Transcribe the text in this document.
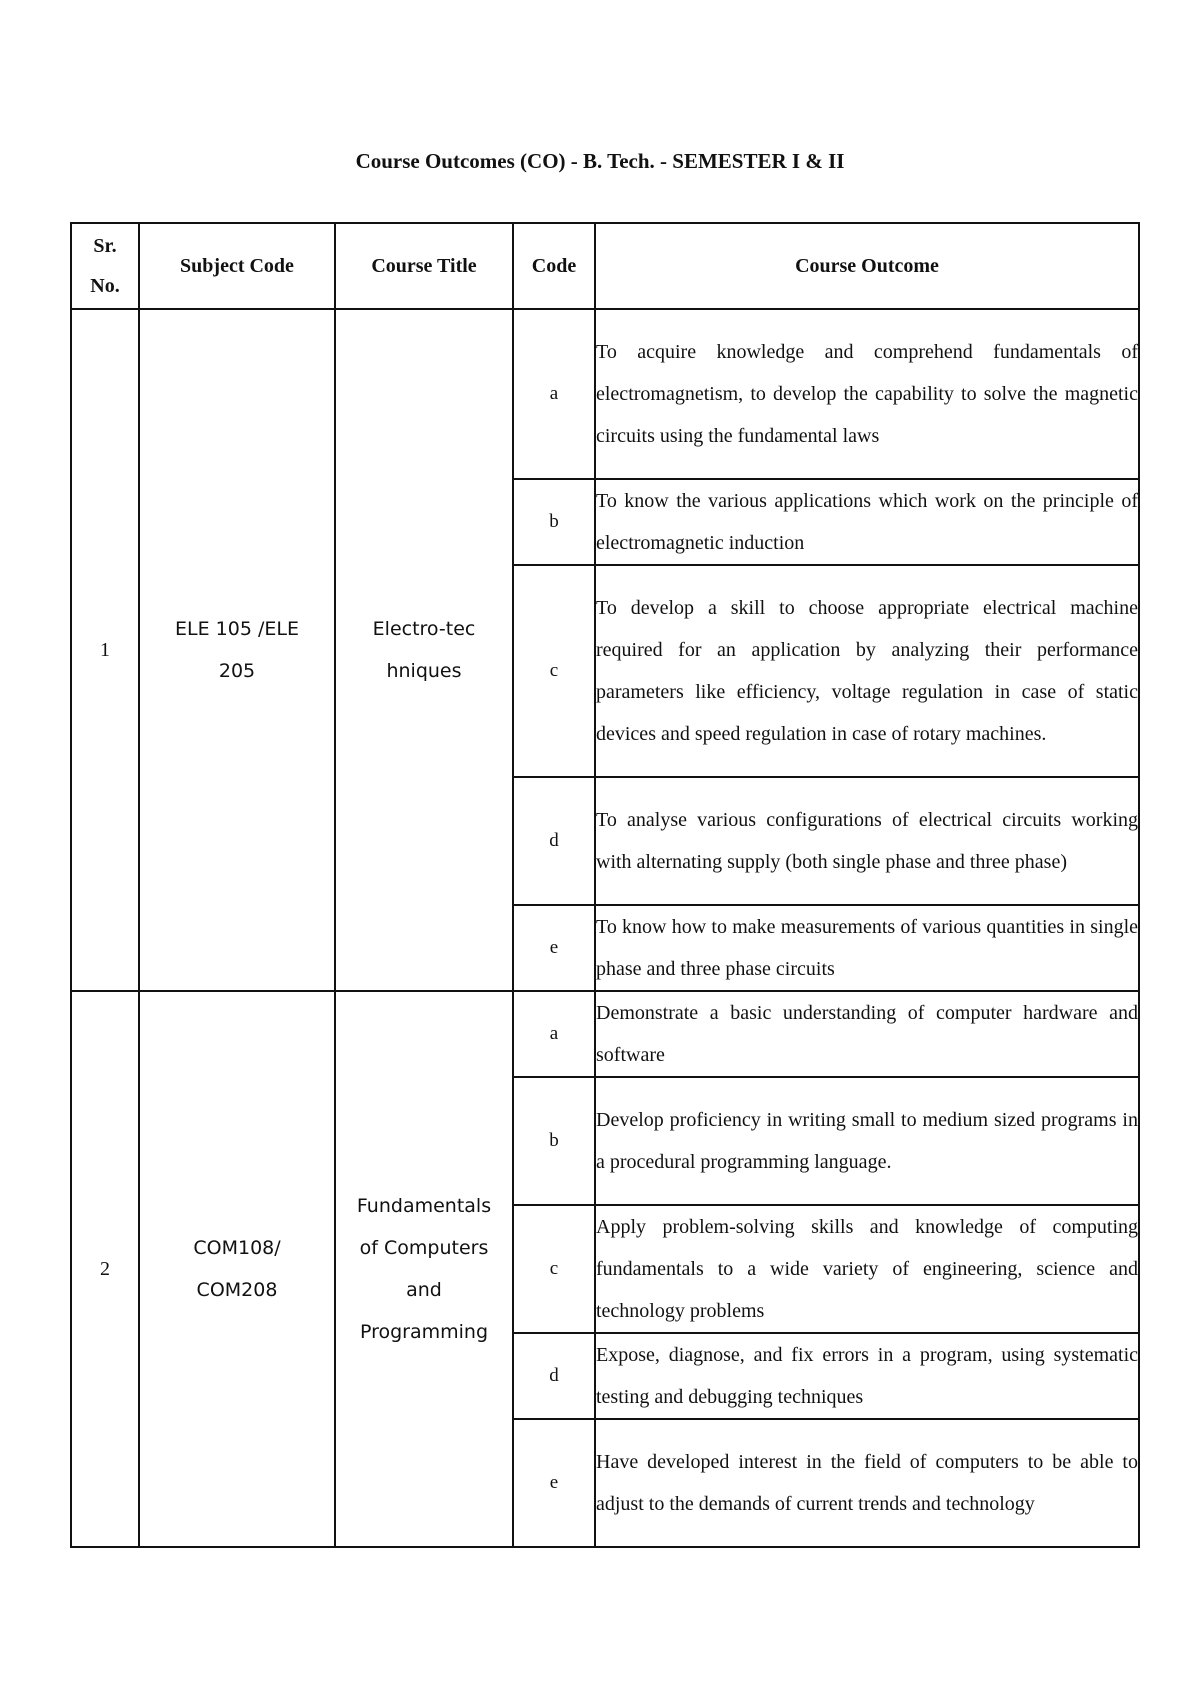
Course Outcomes (CO) - B. Tech. - SEMESTER I & II
Sr. No.	Subject Code	Course Title	Code	Course Outcome
1	ELE 105 /ELE 205	Electro-techniques	a	To acquire knowledge and comprehend fundamentals of electromagnetism, to develop the capability to solve the magnetic circuits using the fundamental laws
			b	To know the various applications which work on the principle of electromagnetic induction
			c	To develop a skill to choose appropriate electrical machine required for an application by analyzing their performance parameters like efficiency, voltage regulation in case of static devices and speed regulation in case of rotary machines.
			d	To analyse various configurations of electrical circuits working with alternating supply (both single phase and three phase)
			e	To know how to make measurements of various quantities in single phase and three phase circuits
2	COM108/ COM208	Fundamentals of Computers and Programming	a	Demonstrate a basic understanding of computer hardware and software
			b	Develop proficiency in writing small to medium sized programs in a procedural programming language.
			c	Apply problem-solving skills and knowledge of computing fundamentals to a wide variety of engineering, science and technology problems
			d	Expose, diagnose, and fix errors in a program, using systematic testing and debugging techniques
			e	Have developed interest in the field of computers to be able to adjust to the demands of current trends and technology
